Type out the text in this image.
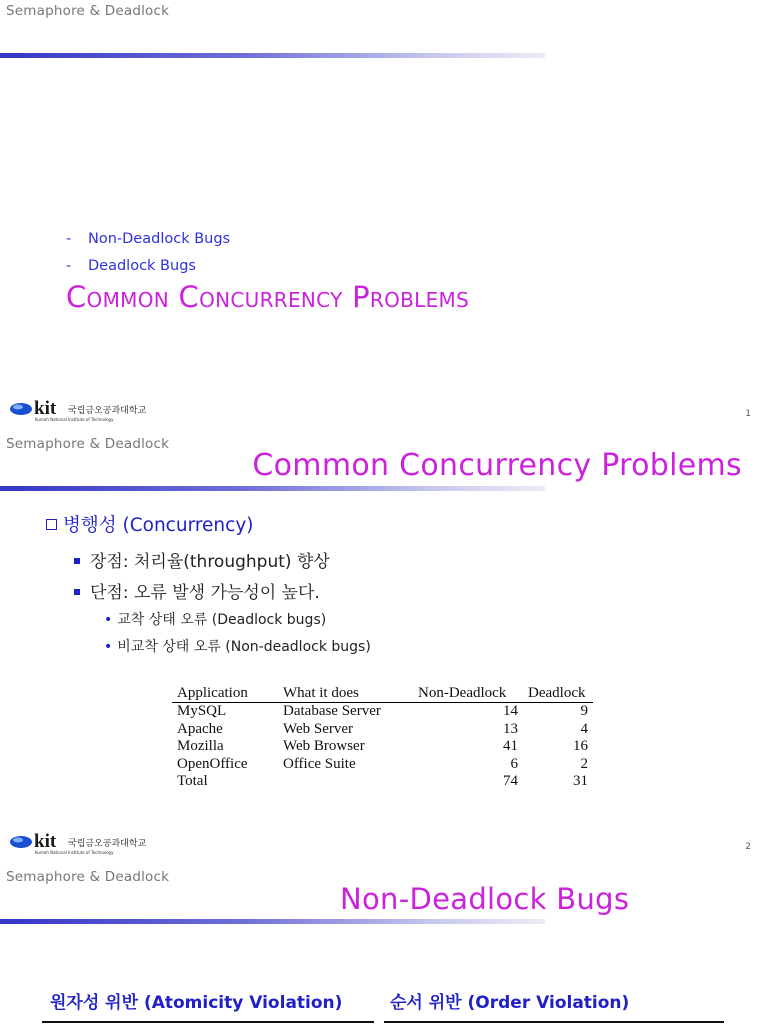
Semaphore & Deadlock
- Non-Deadlock Bugs
- Deadlock Bugs
Common Concurrency Problems
kit 국립금오공과대학교
Kumoh National Institute of Technology
1
Semaphore & Deadlock
Common Concurrency Problems
병행성 (Concurrency)
장점: 처리율(throughput) 향상
단점: 오류 발생 가능성이 높다.
• 교착 상태 오류 (Deadlock bugs)
• 비교착 상태 오류 (Non-deadlock bugs)
Application	What it does	Non-Deadlock	Deadlock
MySQL	Database Server	14	9
Apache	Web Server	13	4
Mozilla	Web Browser	41	16
OpenOffice	Office Suite	6	2
Total		74	31
kit 국립금오공과대학교
Kumoh National Institute of Technology
2
Semaphore & Deadlock
Non-Deadlock Bugs
원자성 위반 (Atomicity Violation)	순서 위반 (Order Violation)
